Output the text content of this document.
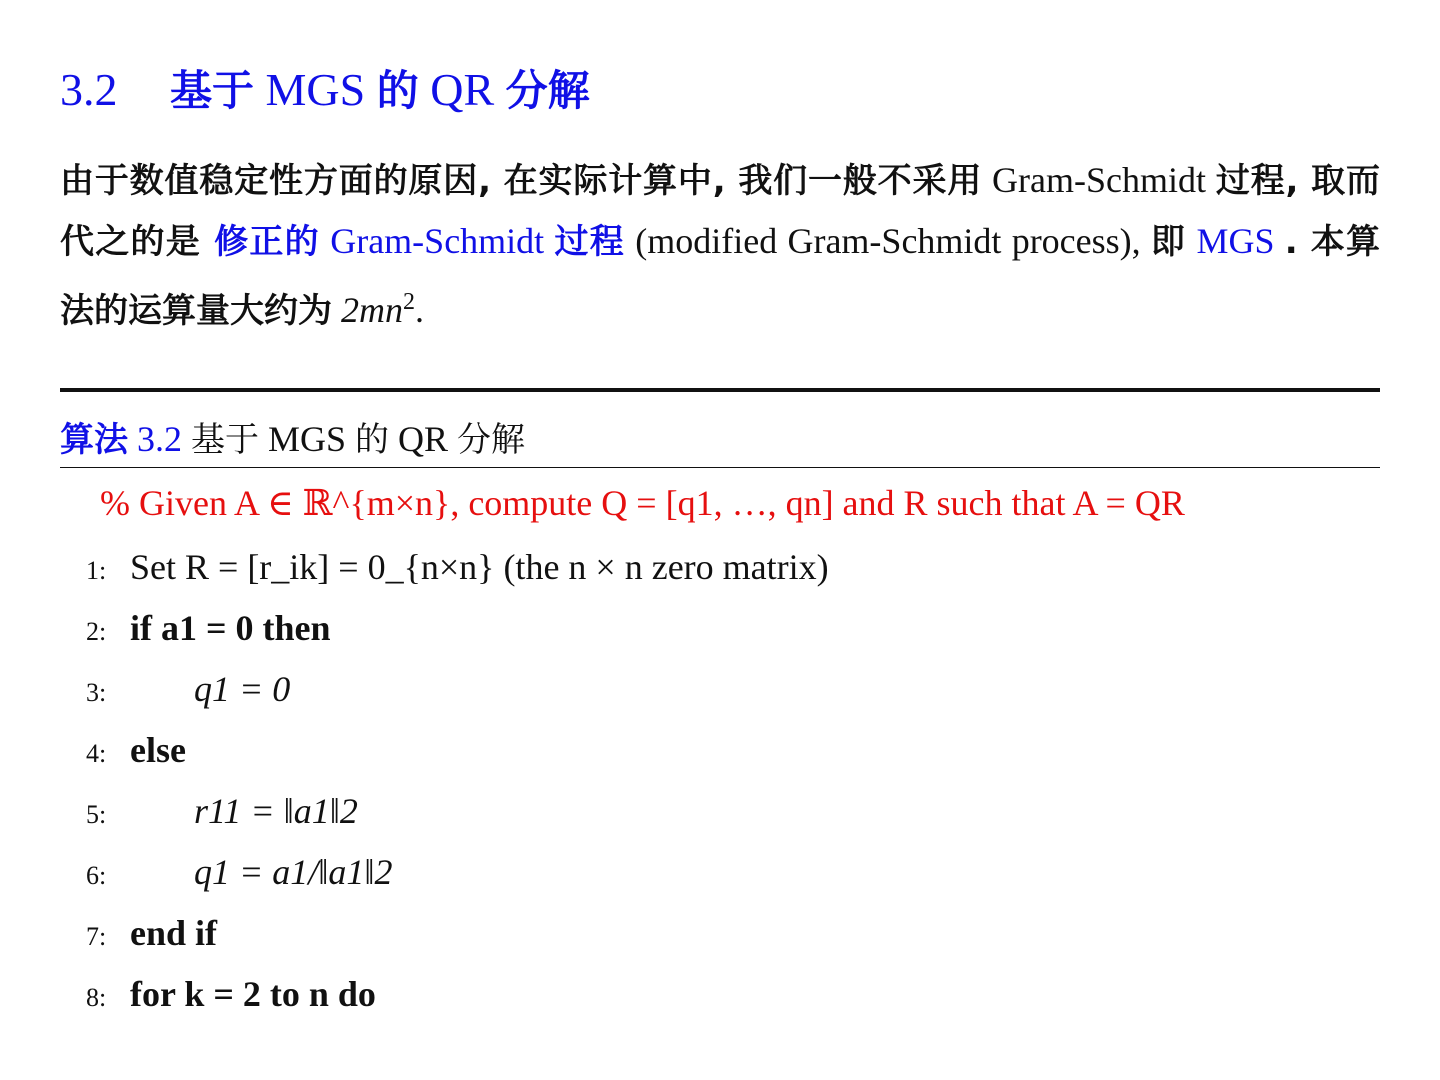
3.2 基于 MGS 的 QR 分解

由于数值稳定性方面的原因, 在实际计算中, 我们一般不采用 Gram-Schmidt 过程, 取而代之的是 修正的 Gram-Schmidt 过程 (modified Gram-Schmidt process), 即 MGS . 本算法的运算量大约为 $2mn^2$.

算法 3.2 基于 MGS 的 QR 分解
% Given A ∈ ℝ^{m×n}, compute Q = [q1, …, qn] and R such that A = QR
1: Set R = [r_ik] = 0_{n×n} (the n × n zero matrix)
2: if a1 = 0 then
3: q1 = 0
4: else
5: r11 = ‖a1‖2
6: q1 = a1/‖a1‖2
7: end if
8: for k = 2 to n do
